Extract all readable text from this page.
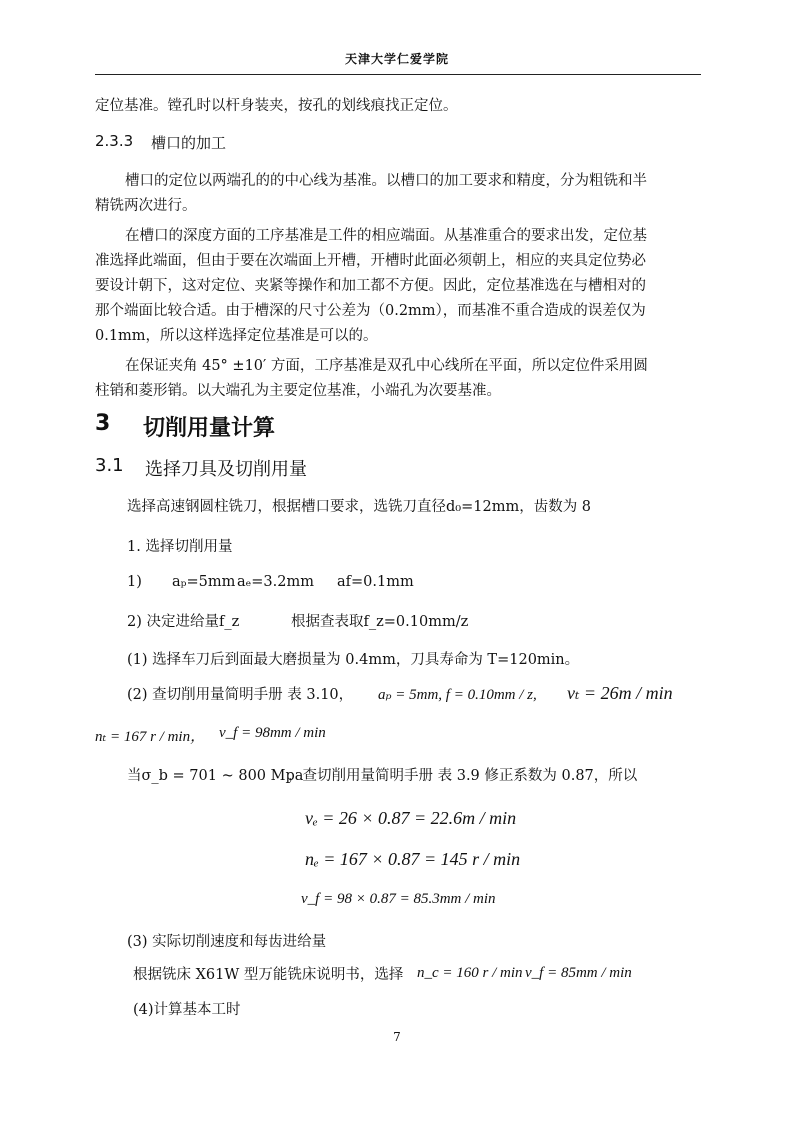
天津大学仁爱学院
定位基准。镗孔时以杆身装夹，按孔的划线痕找正定位。
2.3.3 槽口的加工
槽口的定位以两端孔的的中心线为基准。以槽口的加工要求和精度，分为粗铣和半
精铣两次进行。
在槽口的深度方面的工序基准是工件的相应端面。从基准重合的要求出发，定位基
准选择此端面，但由于要在次端面上开槽，开槽时此面必须朝上，相应的夹具定位势必
要设计朝下，这对定位、夹紧等操作和加工都不方便。因此，定位基准选在与槽相对的
那个端面比较合适。由于槽深的尺寸公差为（0.2mm），而基准不重合造成的误差仅为
0.1mm，所以这样选择定位基准是可以的。
在保证夹角 45° ±10′ 方面，工序基准是双孔中心线所在平面，所以定位件采用圆
柱销和菱形销。以大端孔为主要定位基准，小端孔为次要基准。
3 切削用量计算
3.1 选择刀具及切削用量
选择高速钢圆柱铣刀，根据槽口要求，选铣刀直径d₀=12mm，齿数为 8
1. 选择切削用量
1) aₚ=5mm aₑ=3.2mm af=0.1mm
2) 决定进给量f_z	根据查表取f_z=0.10mm/z
(1) 选择车刀后到面最大磨损量为 0.4mm，刀具寿命为 T=120min。
(2) 查切削用量简明手册 表 3.10， aₚ = 5mm, f = 0.10mm / z, vₜ = 26m / min
nₜ = 167 r / min， v_f = 98mm / min
当σ_b = 701 ~ 800 Mpa
，查切削用量简明手册 表 3.9 修正系数为 0.87，所以
vₑ = 26 × 0.87 = 22.6m / min
nₑ = 167 × 0.87 = 145 r / min
v_f = 98 × 0.87 = 85.3mm / min
(3) 实际切削速度和每齿进给量
根据铣床 X61W 型万能铣床说明书，选择 n_c = 160 r / min v_f = 85mm / min
(4)计算基本工时
7
